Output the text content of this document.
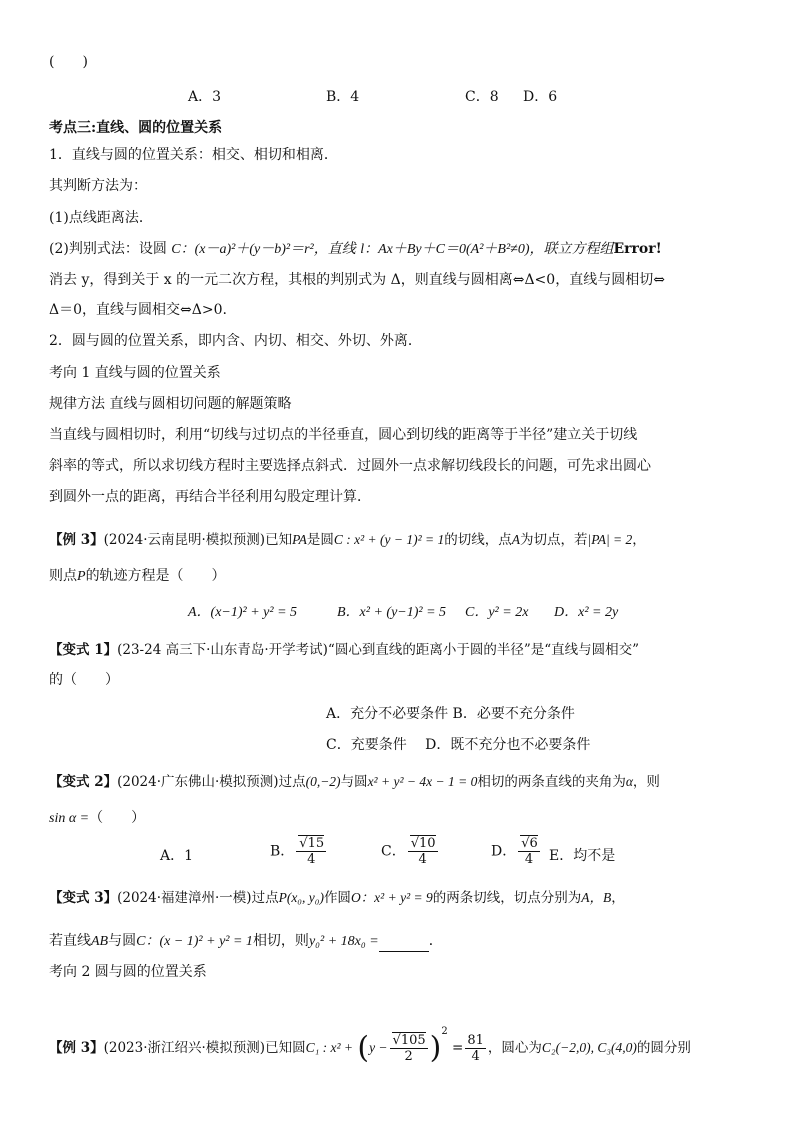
(　　)
A．3	B．4	C．8 D．6
考点三:直线、圆的位置关系
1．直线与圆的位置关系：相交、相切和相离．
其判断方法为：
(1)点线距离法．
(2)判别式法：设圆 C：(x－a)²＋(y－b)²＝r²，直线 l：Ax＋By＋C＝0(A²＋B²≠0)，联立方程组Error!
消去 y，得到关于 x 的一元二次方程，其根的判别式为 Δ，则直线与圆相离⇔Δ<0，直线与圆相切⇔
Δ＝0，直线与圆相交⇔Δ>0.
2．圆与圆的位置关系，即内含、内切、相交、外切、外离．
考向 1 直线与圆的位置关系
规律方法 直线与圆相切问题的解题策略
当直线与圆相切时，利用“切线与过切点的半径垂直，圆心到切线的距离等于半径”建立关于切线
斜率的等式，所以求切线方程时主要选择点斜式．过圆外一点求解切线段长的问题，可先求出圆心
到圆外一点的距离，再结合半径利用勾股定理计算．
【例 3】(2024·云南昆明·模拟预测)已知PA是圆C : x² + (y − 1)² = 1的切线，点A为切点，若|PA| = 2，
则点P的轨迹方程是（　　）
A．(x−1)² + y² = 5	B．x² + (y−1)² = 5 C．y² = 2x D．x² = 2y
【变式 1】(23-24 高三下·山东青岛·开学考试)“圆心到直线的距离小于圆的半径”是“直线与圆相交”
的（　　）
A．充分不必要条件 B．必要不充分条件
C．充要条件　 D．既不充分也不必要条件
【变式 2】(2024·广东佛山·模拟预测)过点(0,−2)与圆x² + y² − 4x − 1 = 0相切的两条直线的夹角为α，则
sin α =（　　）
A．1	B． $\frac{√15}{4}$	C． $\frac{√10}{4}$	D． $\frac{√6}{4}$ E．均不是
【变式 3】(2024·福建漳州·一模)过点P(x₀, y₀)作圆O：x² + y² = 9的两条切线，切点分别为A，B，
若直线AB与圆C：(x − 1)² + y² = 1相切，则y₀² + 18x₀ =	．
考向 2 圆与圆的位置关系
【例 3】(2023·浙江绍兴·模拟预测)已知圆C₁ : $x^2 + (y - \frac{√105}{2} )^2 = \frac{81}{4}$ ，圆心为C₂(−2,0), C₃(4,0)的圆分别
